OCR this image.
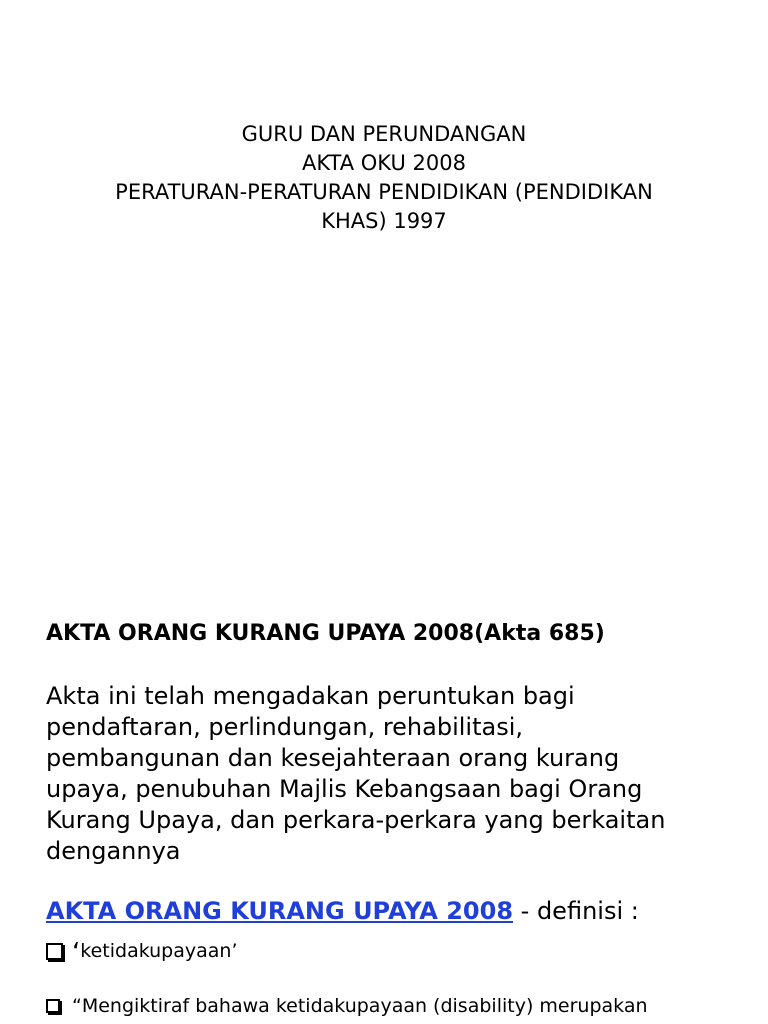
GURU DAN PERUNDANGAN
AKTA OKU 2008
PERATURAN-PERATURAN PENDIDIKAN (PENDIDIKAN
KHAS) 1997
AKTA ORANG KURANG UPAYA 2008(Akta 685)
Akta ini telah mengadakan peruntukan bagi
pendaftaran, perlindungan, rehabilitasi,
pembangunan dan kesejahteraan orang kurang
upaya, penubuhan Majlis Kebangsaan bagi Orang
Kurang Upaya, dan perkara-perkara yang berkaitan
dengannya
AKTA ORANG KURANG UPAYA 2008 - definisi :
‘ ketidakupayaan’
“Mengiktiraf bahawa ketidakupayaan (disability) merupakan
